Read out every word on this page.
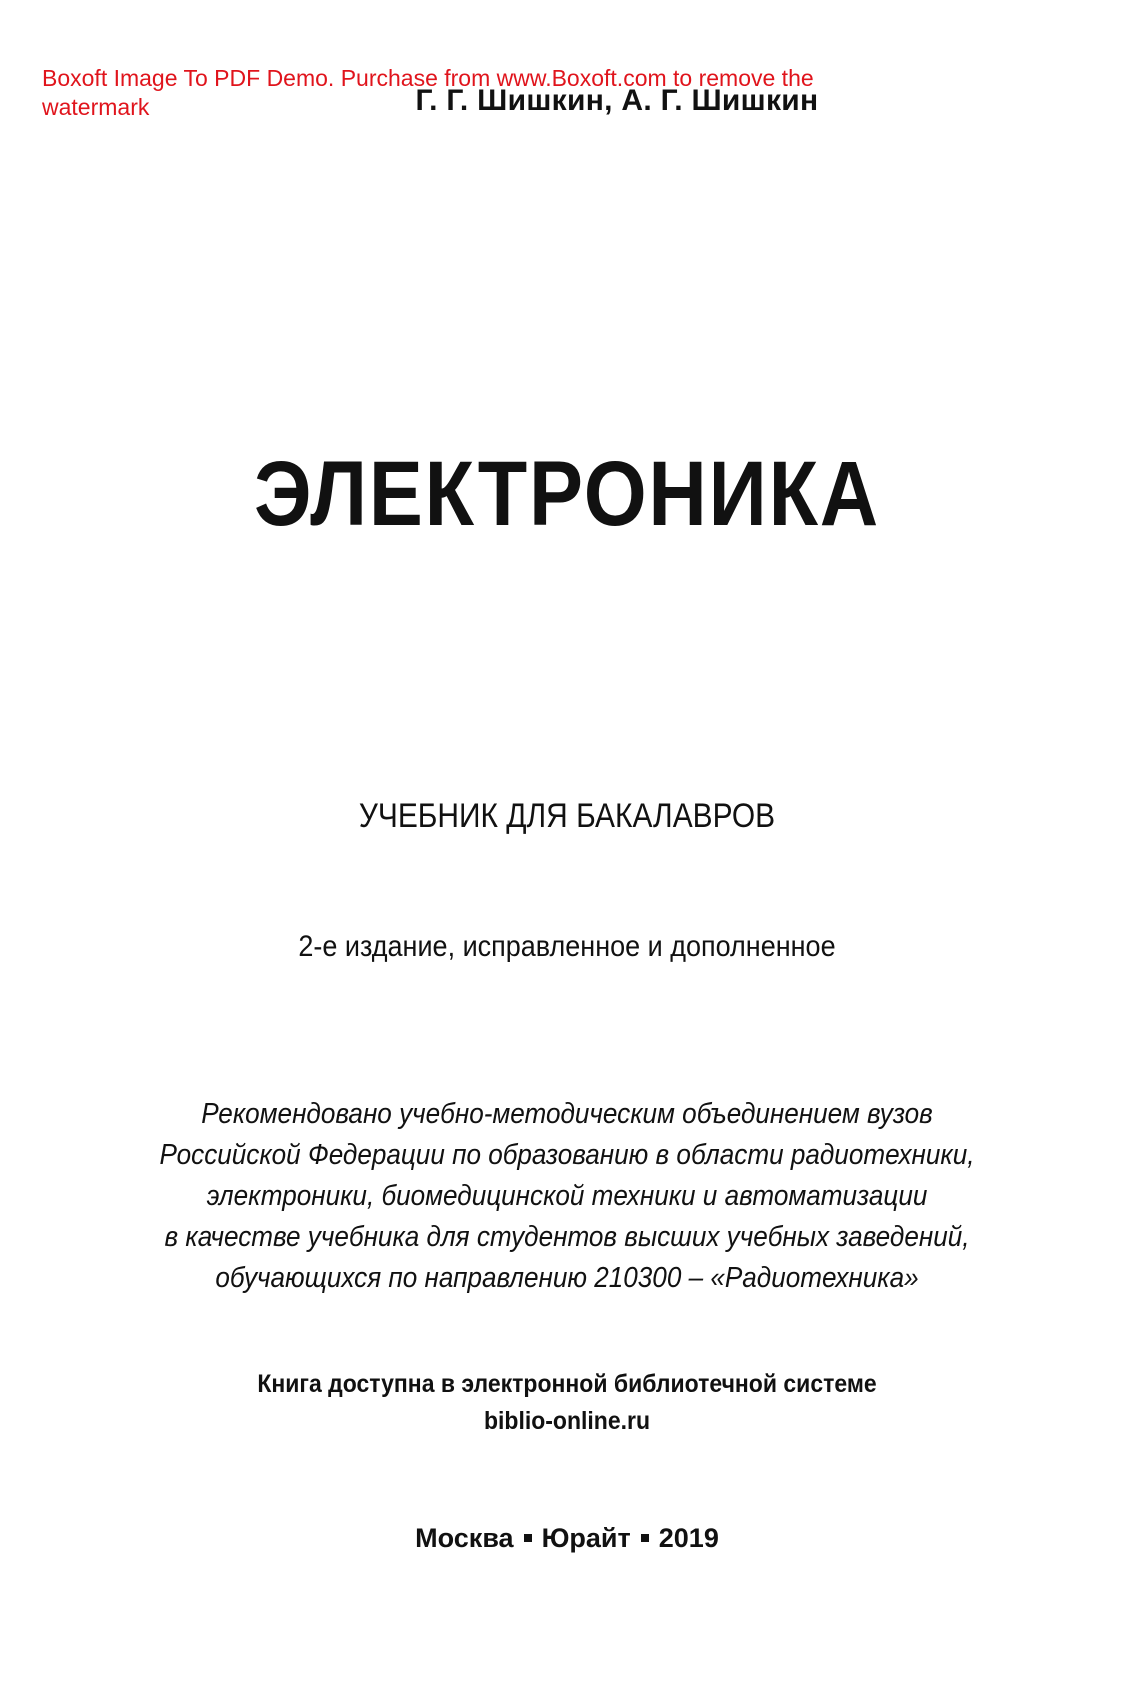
Boxoft Image To PDF Demo. Purchase from www.Boxoft.com to remove the watermark	Г. Г. Шишкин, А. Г. Шишкин
ЭЛЕКТРОНИКА
УЧЕБНИК ДЛЯ БАКАЛАВРОВ
2-е издание, исправленное и дополненное
Рекомендовано учебно-методическим объединением вузов
Российской Федерации по образованию в области радиотехники,
электроники, биомедицинской техники и автоматизации
в качестве учебника для студентов высших учебных заведений,
обучающихся по направлению 210300 – «Радиотехника»
Книга доступна в электронной библиотечной системе
biblio-online.ru
Москва Юрайт 2019
